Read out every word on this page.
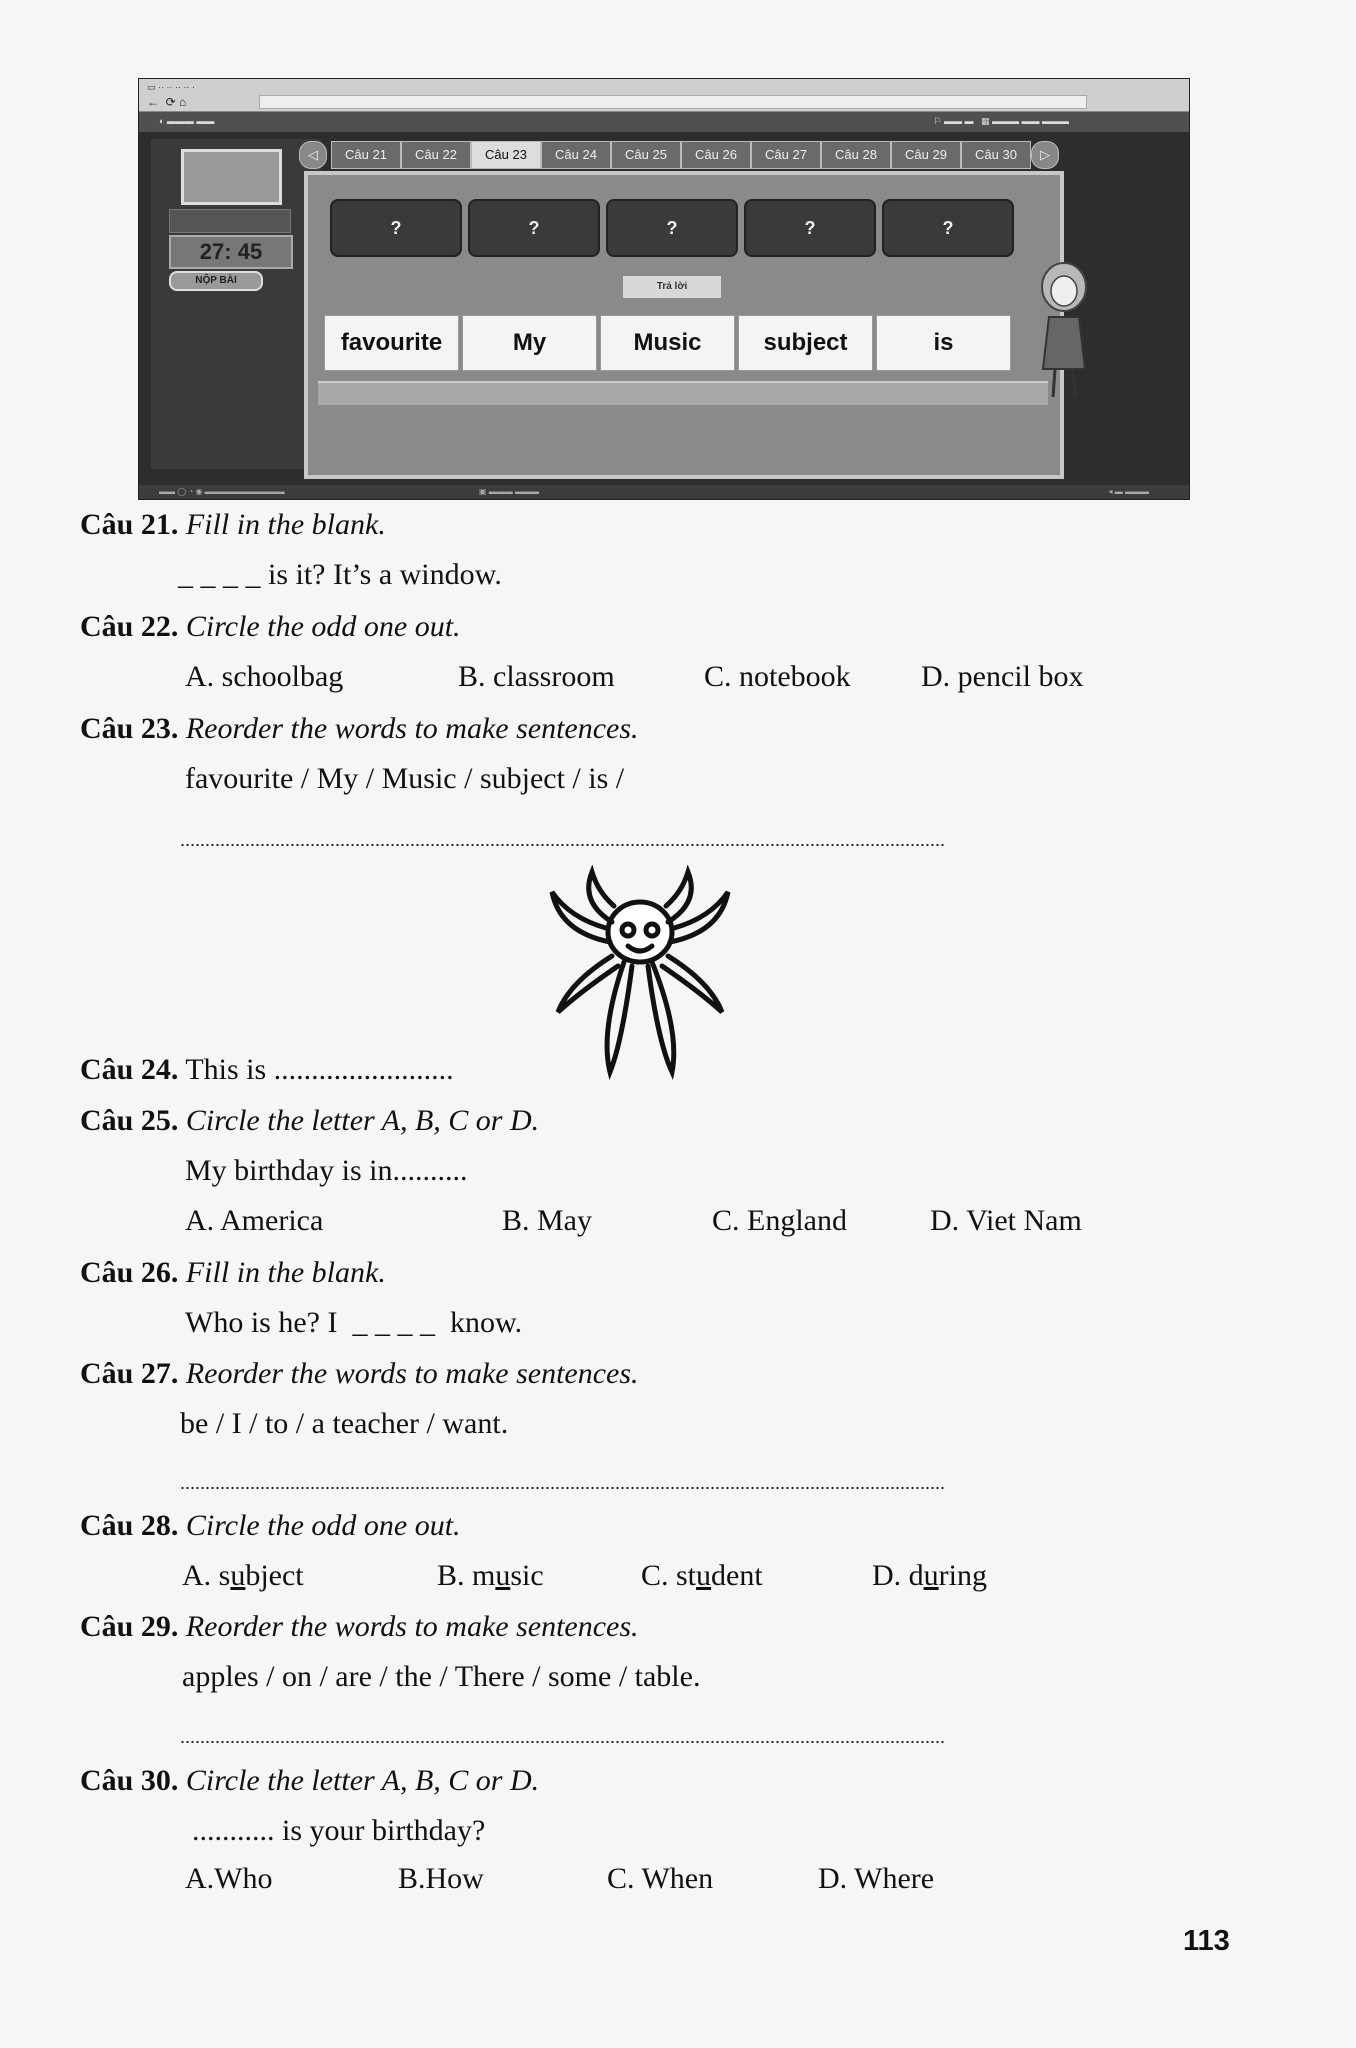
▭ ·· ·· ·· ·· ·
←  ⟳ ⌂
◐ ▬▬▬ ▬▬	⚐ ▬▬ ▬   ▦ ▬▬▬ ▬▬ ▬▬▬
27: 45
NỘP BÀI
◁	Câu 21	Câu 22	Câu 23	Câu 24	Câu 25	Câu 26	Câu 27	Câu 28	Câu 29	Câu 30	▷
?	?	?	?	?
Trả lời
favourite	My	Music	subject	is
▬▬ ◯ ◔ ◉ ▬▬▬▬▬▬▬▬▬▬	▣ ▬▬▬ ▬▬▬	◂ ▬ ▬▬▬
Câu 21. Fill in the blank.
_ _ _ _ is it? It’s a window.
Câu 22. Circle the odd one out.
A. schoolbag	B. classroom	C. notebook D. pencil box
Câu 23. Reorder the words to make sentences.
favourite / My / Music / subject / is /
Câu 24. This is ........................
Câu 25. Circle the letter A, B, C or D.
My birthday is in..........
A. America	B. May	C. England	D. Viet Nam
Câu 26. Fill in the blank.
Who is he? I  _ _ _ _  know.
Câu 27. Reorder the words to make sentences.
be / I / to / a teacher / want.
Câu 28. Circle the odd one out.
A. subject	B. music	C. student	D. during
Câu 29. Reorder the words to make sentences.
apples / on / are / the / There / some / table.
Câu 30. Circle the letter A, B, C or D.
........... is your birthday?
A.Who	B.How	C. When	D. Where
113
